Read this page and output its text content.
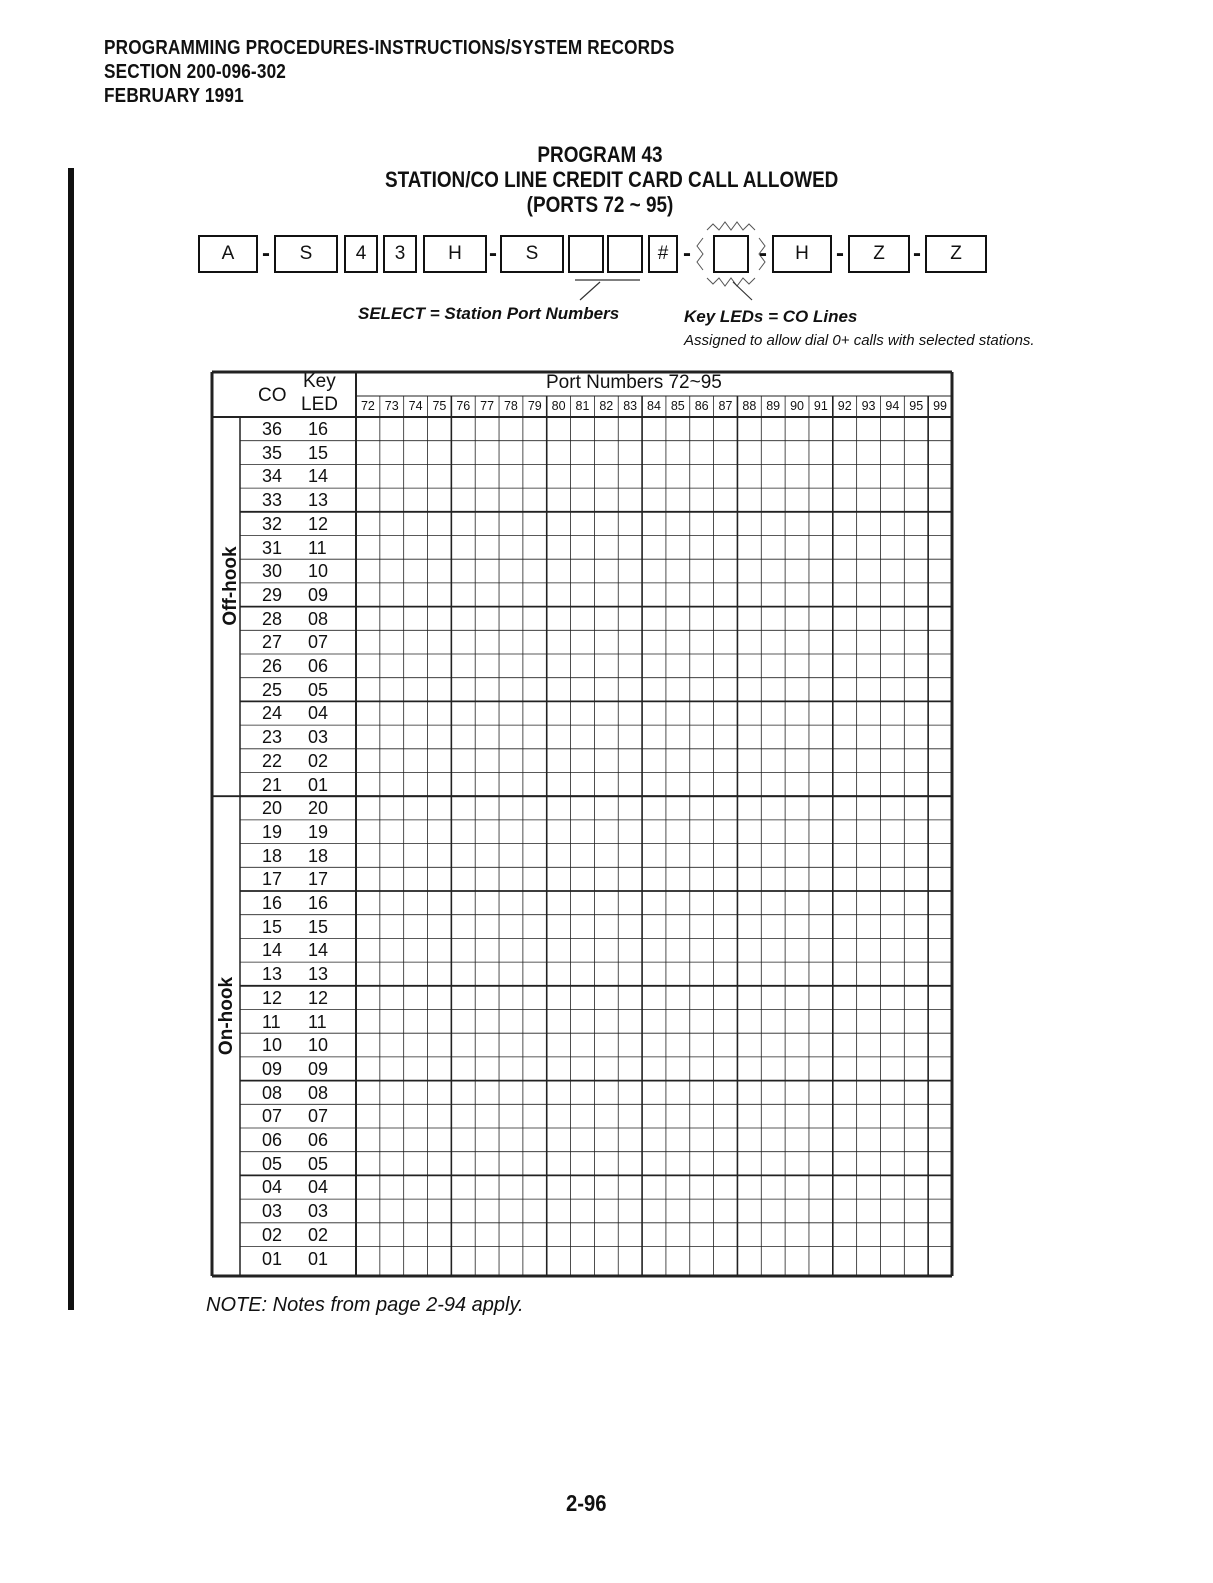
PROGRAMMING PROCEDURES-INSTRUCTIONS/SYSTEM RECORDS
SECTION 200-096-302
FEBRUARY 1991
PROGRAM 43
STATION/CO LINE CREDIT CARD CALL ALLOWED
(PORTS 72 ~ 95)
A	-	S	4	3	H	-	S	# -	-	H	-	Z	-	Z
SELECT = Station Port Numbers	Key LEDs = CO Lines
Assigned to allow dial 0+ calls with selected stations.
CO
Key
LED
Port Numbers 72~95
Off-hook
On-hook
72 73 74 75 76 77 78 79 80 81 82 83 84 85 86 87 88 89 90 91 92 93 94 95 99
36 16
35 15
34 14
33 13
32 12
31 11
30 10
29 09
28 08
27 07
26 06
25 05
24 04
23 03
22 02
21 01
20 20
19 19
18 18
17 17
16 16
15 15
14 14
13 13
12 12
11 11
10 10
09 09
08 08
07 07
06 06
05 05
04 04
03 03
02 02
01 01
NOTE: Notes from page 2-94 apply.
2-96
